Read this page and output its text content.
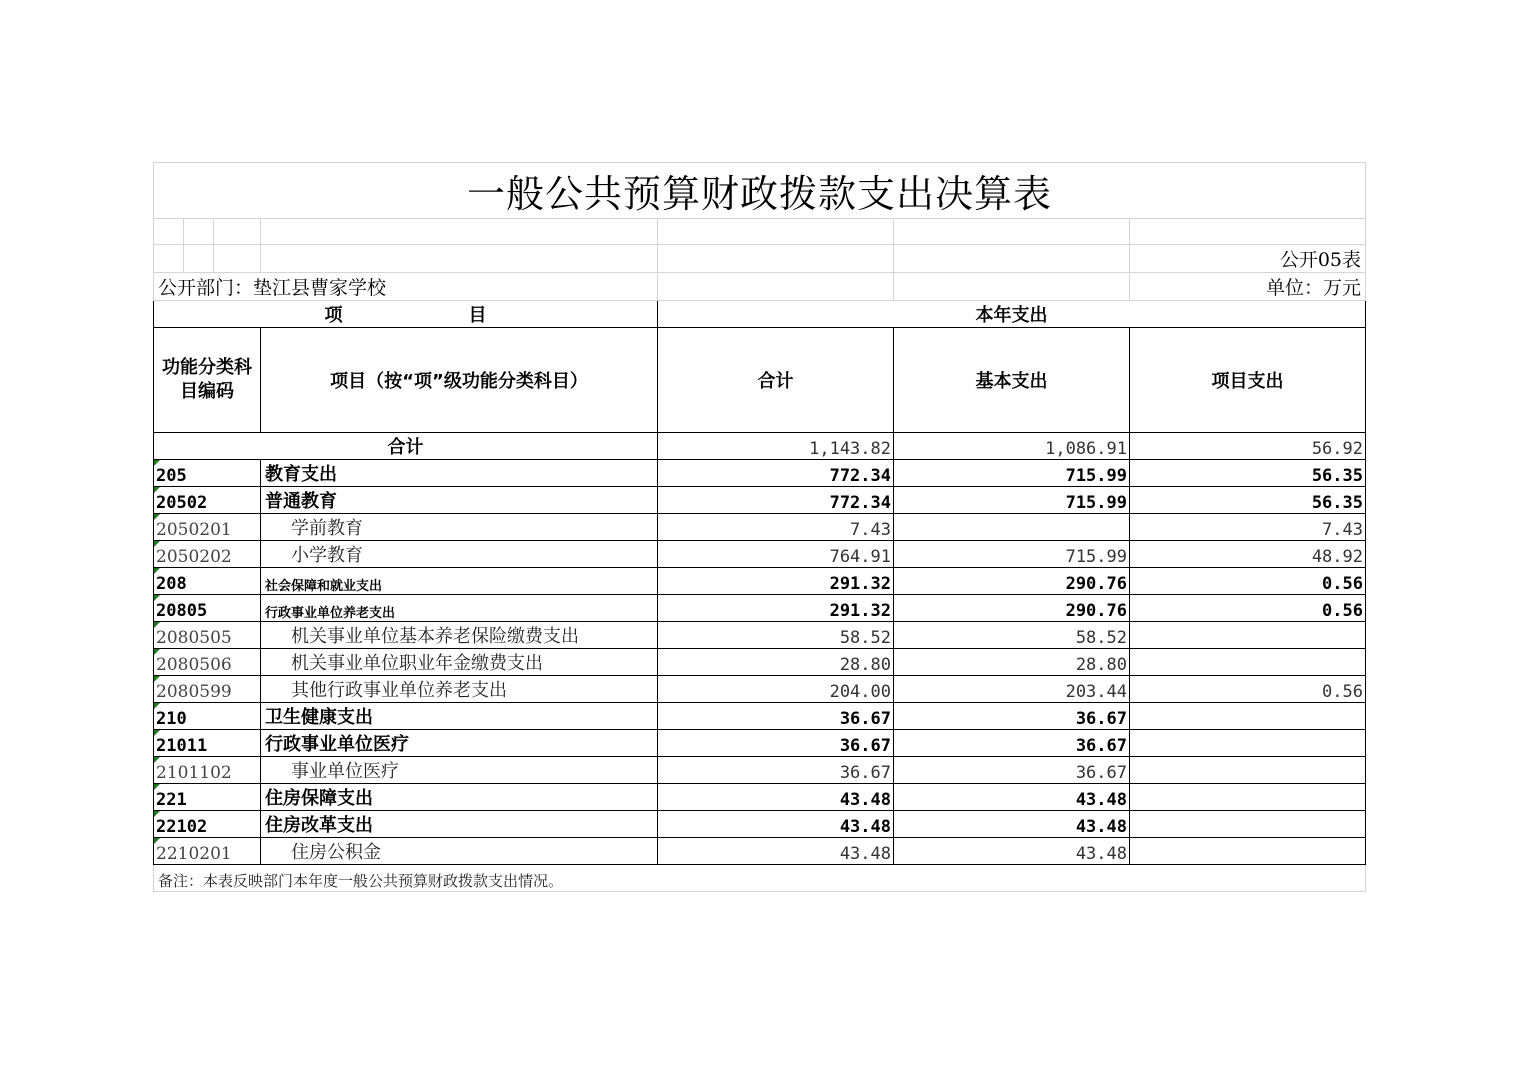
一般公共预算财政拨款支出决算表						

						公开05表
公开部门：垫江县曹家学校						单位：万元
项　　　　　　　目				本年支出		
功能分类科目编码			项目（按“项”级功能分类科目）	合计	基本支出	项目支出
合计				1,143.82	1,086.91	56.92
205			教育支出	772.34	715.99	56.35
20502			普通教育	772.34	715.99	56.35
2050201			学前教育	7.43		7.43
2050202			小学教育	764.91	715.99	48.92
208			社会保障和就业支出	291.32	290.76	0.56
20805			行政事业单位养老支出	291.32	290.76	0.56
2080505			机关事业单位基本养老保险缴费支出	58.52	58.52	
2080506			机关事业单位职业年金缴费支出	28.80	28.80	
2080599			其他行政事业单位养老支出	204.00	203.44	0.56
210			卫生健康支出	36.67	36.67	
21011			行政事业单位医疗	36.67	36.67	
2101102			事业单位医疗	36.67	36.67	
221			住房保障支出	43.48	43.48	
22102			住房改革支出	43.48	43.48	
2210201			住房公积金	43.48	43.48	
备注：本表反映部门本年度一般公共预算财政拨款支出情况。						
